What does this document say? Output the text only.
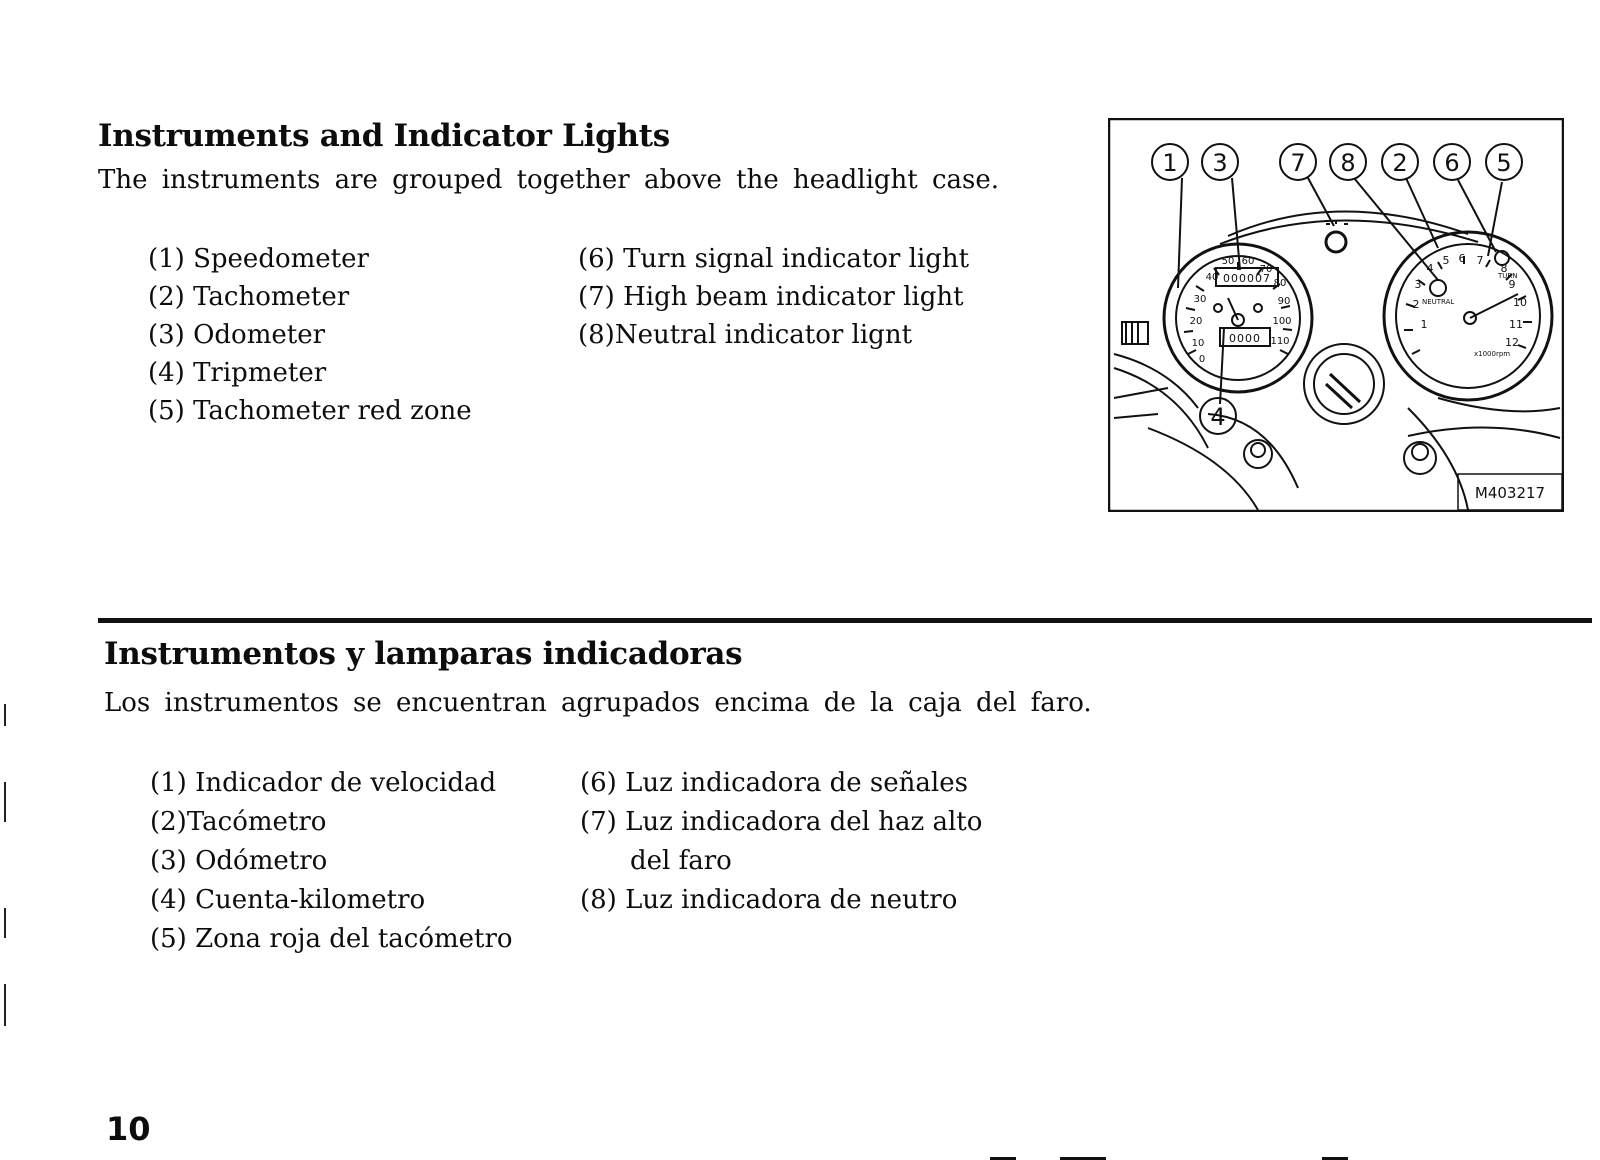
Instruments and Indicator Lights
The instruments are grouped together above the headlight case.
(1) Speedometer
(2) Tachometer
(3) Odometer
(4) Tripmeter
(5) Tachometer red zone
(6) Turn signal indicator light
(7) High beam indicator light
(8)Neutral indicator lignt
1 3	7 8 2 6 5
4
000007
0000
NEUTRAL
TURN
x1000rpm
0
10
20
30
40
50 60
70
80
90
100
110
1
2
3
4
5 6 7
8
9
10
11
12
M403217
Instrumentos y lamparas indicadoras
Los instrumentos se encuentran agrupados encima de la caja del faro.
(1) Indicador de velocidad
(2)Tacómetro
(3) Odómetro
(4) Cuenta-kilometro
(5) Zona roja del tacómetro
(6) Luz indicadora de señales
(7) Luz indicadora del haz alto
del faro
(8) Luz indicadora de neutro
10
